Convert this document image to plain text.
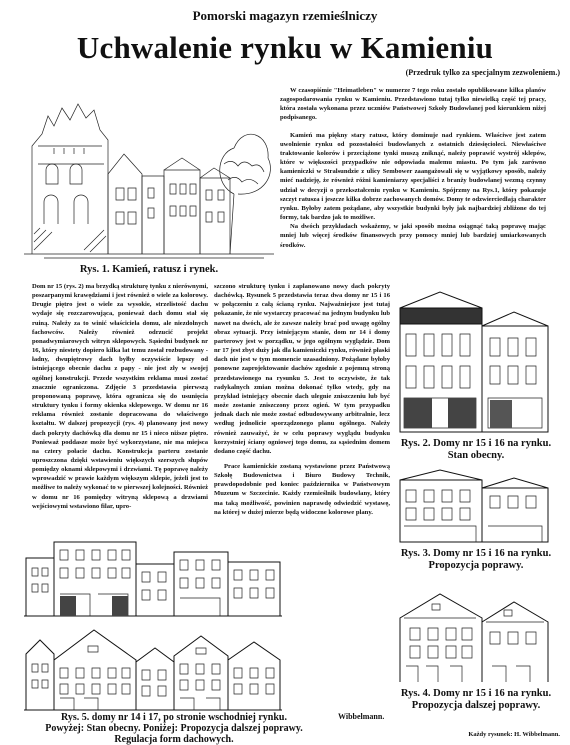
Pomorski magazyn rzemieślniczy
Uchwalenie rynku w Kamieniu
(Przedruk tylko za specjalnym zezwoleniem.)
Rys. 1. Kamień, ratusz i rynek.

W czasopiśmie "Heimatleben" w numerze 7 tego roku zostało opublikowane kilka planów zagospodarowania rynku w Kamieniu. Przedstawiono tutaj tylko niewielką część tej pracy, która została wykonana przez uczniów Państwowej Szkoły Budowlanej pod kierunkiem niżej podpisanego.

Kamień ma piękny stary ratusz, który dominuje nad rynkiem. Właściwe jest zatem uwolnienie rynku od pozostałości budowlanych z ostatnich dziesięcioleci. Niewłaściwe traktowanie kolorów i przeciążone tynki muszą zniknąć, należy poprawić wystrój sklepów, które w większości przypadków nie odpowiada malemu miastu. Po tym jak zarówno kamieniczki w Stralsundzie z ulicy Sembower zaangażowali się w wyjątkowy sposób, należy mieć nadzieję, że również różni kamieniarzy specjaliści z branży budowlanej wezmą czynny udział w decyzji o przekształceniu rynku w Kamieniu. Spójrzmy na Rys.1, który pokazuje szczyt ratusza i jeszcze kilka dobrze zachowanych domów. Domy te odzwierciedlają charakter rynku. Byłoby zatem pożądane, aby wszystkie budynki były jak najbardziej zbliżone do tej formy, tak bardzo jak to możliwe.

Na dwóch przykładach wskażemy, w jaki sposób można osiągnąć taką poprawę mając mniej lub więcej środków finansowych przy pomocy mniej lub bardziej umiarkowanych środków.

Dom nr 15 (rys. 2) ma brzydką strukturę tynku z nierównymi, poszarpanymi krawędziami i jest również o wiele za kolorowy. Drugie piętro jest o wiele za wysokie, strzelistość dachu wydaje się rozczarowująca, ponieważ dach domu stał się ruiną. Należy za to winić właściciela domu, ale niezdolnych fachowców. Należy również odrzucić projekt ponadwymiarowych witryn sklepowych. Sąsiedni budynek nr 16, który niestety dopiero kilka lat temu został rozbudowany - ładny, dwupiętrowy dach byłby oczywiście lepszy od istniejącego obecnie dachu z papy - nie jest zły w swojej ogólnej konstrukcji. Przede wszystkim reklama musi zostać znacznie ograniczona. Zdjęcie 3 przedstawia pierwszą proponowaną poprawę, która ogranicza się do usunięcia struktury tynku i formy okienka sklepowego. W domu nr 16 reklama również zostanie dopracowana do właściwego kształtu. W dalszej propozycji (rys. 4) planowany jest nowy dach pokryty dachówką dla domu nr 15 i nieco niższe piętro. Ponieważ poddasze może być wykorzystane, nie ma miejsca na cztery połacie dachu. Konstrukcja parteru zostanie uproszczona dzięki wstawieniu większych szerszych słupów pomiędzy oknami sklepowymi i drzwiami. Tę poprawę należy wprowadzić w prawie każdym większym sklepie, jeżeli jest to możliwe to należy wykonać to w pierwszej kolejności. Również w domu nr 16 pomiędzy witryną sklepową a drzwiami wejściowymi wstawiono filar, upro-

szczono strukturę tynku i zaplanowano nowy dach pokryty dachówką. Rysunek 5 przedstawia teraz dwa domy nr 15 i 16 w połączeniu z całą ścianą rynku. Najważniejsze jest tutaj pokazanie, że nie wystarczy pracować na jednym budynku lub nawet na dwóch, ale że zawsze należy brać pod uwagę ogólny obraz sytuacji. Przy istniejącym stanie, dom nr 14 i domy parterowy jest w porządku, w jego ogólnym wyglądzie. Dom nr 17 jest zbyt duży jak dla kamieniczki rynku, również płaski dach nie jest w tym momencie uzasadniony. Pożądane byłoby ponowne zaprojektowanie dachów zgodnie z pojemną stroną przedstawionego na rysunku 5. Jest to oczywiste, że tak radykalnych zmian można dokonać tylko wtedy, gdy na przykład istniejący obecnie dach ulegnie zniszczeniu lub być może zostanie zniszczony przez ogień. W tym przypadku jednak dach nie może zostać odbudowywany arbitralnie, lecz według jednolicie sporządzonego planu ogólnego. Należy również zauważyć, że w celu poprawy wyglądu budynku korzystniej ściany ogniowej tego domu, za sąsiednim domem dodano część dachu.

Prace kamienickie zostaną wystawione przez Państwową Szkołę Budownictwa i Biuro Budowy Technik, prawdopodobnie pod koniec października w Państwowym Muzeum w Szczecinie. Każdy rzemieślnik budowlany, który ma taką możliwość, powinien naprawdę odwiedzić wystawę, na której w dużej mierze będą widoczne kolorowe plany.

Rys. 2. Domy nr 15 i 16 na rynku. Stan obecny.
Rys. 3. Domy nr 15 i 16 na rynku. Propozycja poprawy.
Rys. 4. Domy nr 15 i 16 na rynku. Propozycja dalszej poprawy.
Rys. 5. domy nr 14 i 17, po stronie wschodniej rynku.
Powyżej: Stan obecny. Poniżej: Propozycja dalszej poprawy.
Regulacja form dachowych.
Wibbelmann.
Każdy rysunek: H. Wibbelmann.
